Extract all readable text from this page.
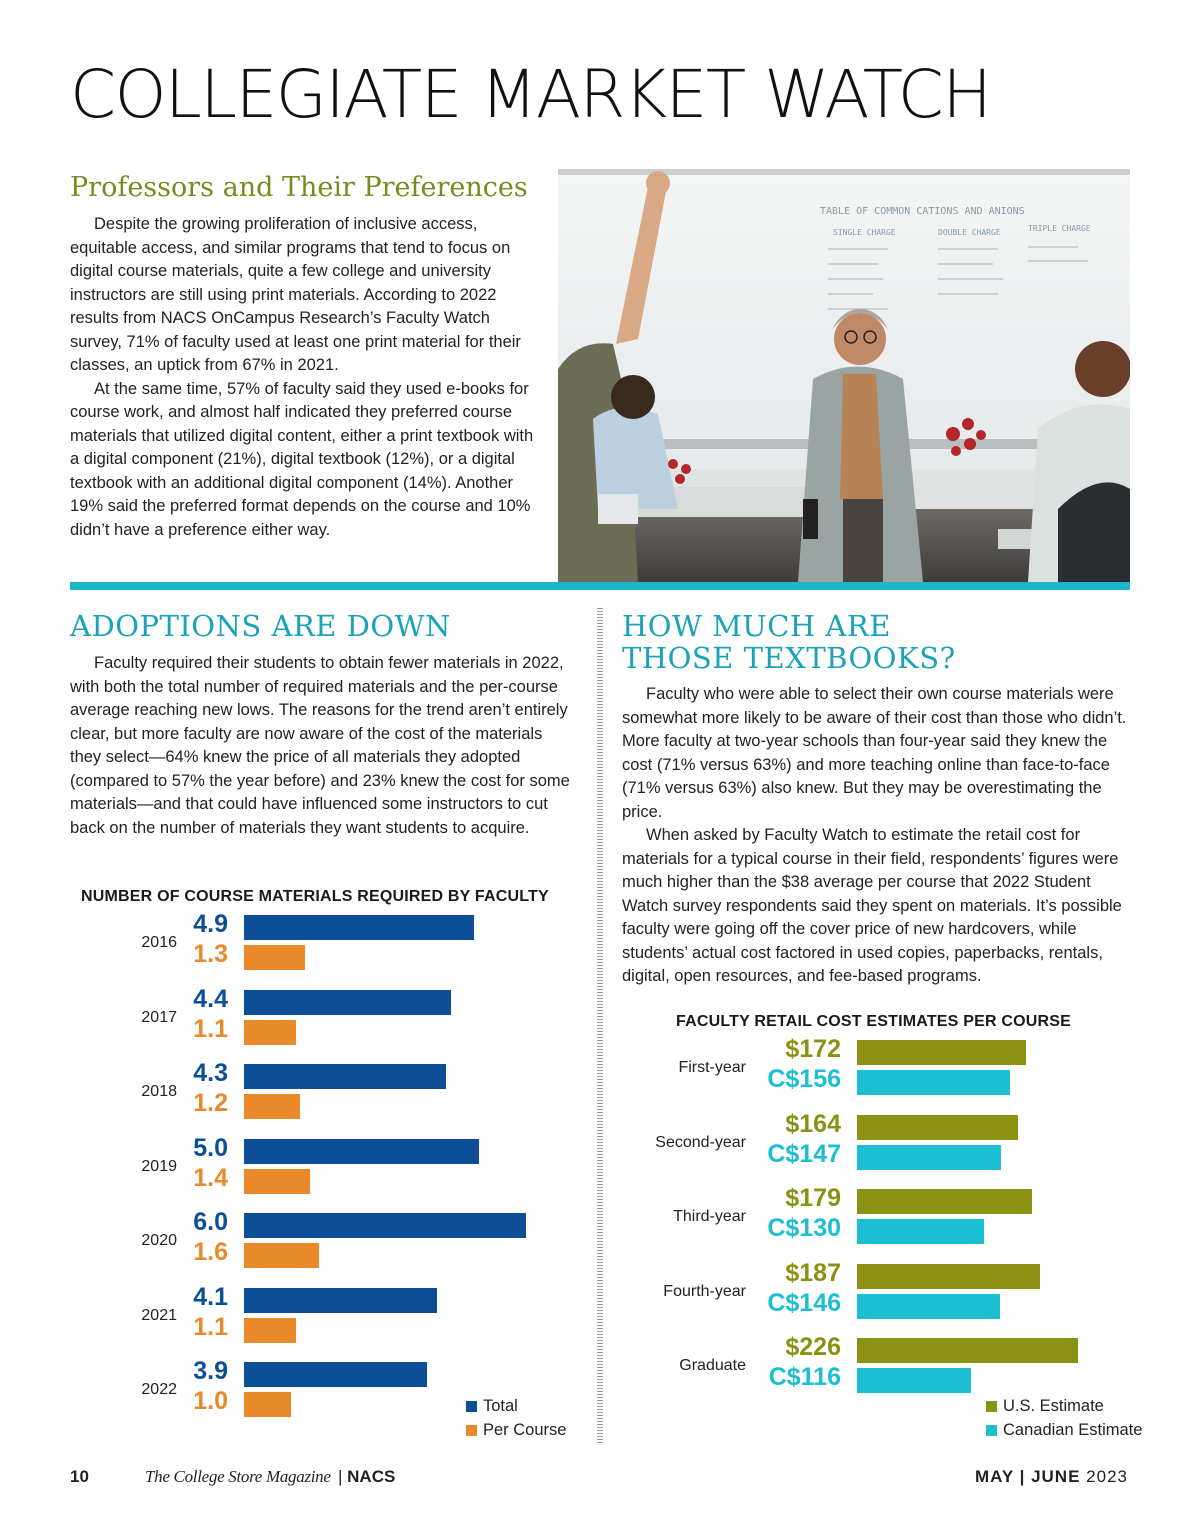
COLLEGIATE MARKET WATCH
Professors and Their Preferences

Despite the growing proliferation of inclusive access, equitable access, and similar programs that tend to focus on digital course materials, quite a few college and university instructors are still using print materials. According to 2022 results from NACS OnCampus Research’s Faculty Watch survey, 71% of faculty used at least one print material for their classes, an uptick from 67% in 2021.

At the same time, 57% of faculty said they used e-books for course work, and almost half indicated they preferred course materials that utilized digital content, either a print textbook with a digital component (21%), digital textbook (12%), or a digital textbook with an additional digital component (14%). Another 19% said the preferred format depends on the course and 10% didn’t have a preference either way.

TABLE OF COMMON CATIONS AND ANIONS
SINGLE CHARGE	DOUBLE CHARGE	TRIPLE CHARGE
ADOPTIONS ARE DOWN

Faculty required their students to obtain fewer materials in 2022, with both the total number of required materials and the per-course average reaching new lows. The reasons for the trend aren’t entirely clear, but more faculty are now aware of the cost of the materials they select—64% knew the price of all materials they adopted (compared to 57% the year before) and 23% knew the cost for some materials—and that could have influenced some instructors to cut back on the number of materials they want students to acquire.

HOW MUCH ARE
THOSE TEXTBOOKS?

Faculty who were able to select their own course materials were somewhat more likely to be aware of their cost than those who didn’t. More faculty at two-year schools than four-year said they knew the cost (71% versus 63%) and more teaching online than face-to-face (71% versus 63%) also knew. But they may be overestimating the price.

When asked by Faculty Watch to estimate the retail cost for materials for a typical course in their field, respondents’ figures were much higher than the $38 average per course that 2022 Student Watch survey respondents said they spent on materials. It’s possible faculty were going off the cover price of new hardcovers, while students’ actual cost factored in used copies, paperbacks, rentals, digital, open resources, and fee-based programs.

NUMBER OF COURSE MATERIALS REQUIRED BY FACULTY
2016
4.9
1.3
2017
4.4
1.1
2018
4.3
1.2
2019
5.0
1.4
2020
6.0
1.6
2021
4.1
1.1
2022
3.9
1.0	Total
Per Course
FACULTY RETAIL COST ESTIMATES PER COURSE
First-year
$172
C$156
Second-year
$164
C$147
Third-year
$179
C$130
Fourth-year
$187
C$146
Graduate
$226
C$116
U.S. Estimate
Canadian Estimate
10	The College Store Magazine | NACS	MAY | JUNE 2023
